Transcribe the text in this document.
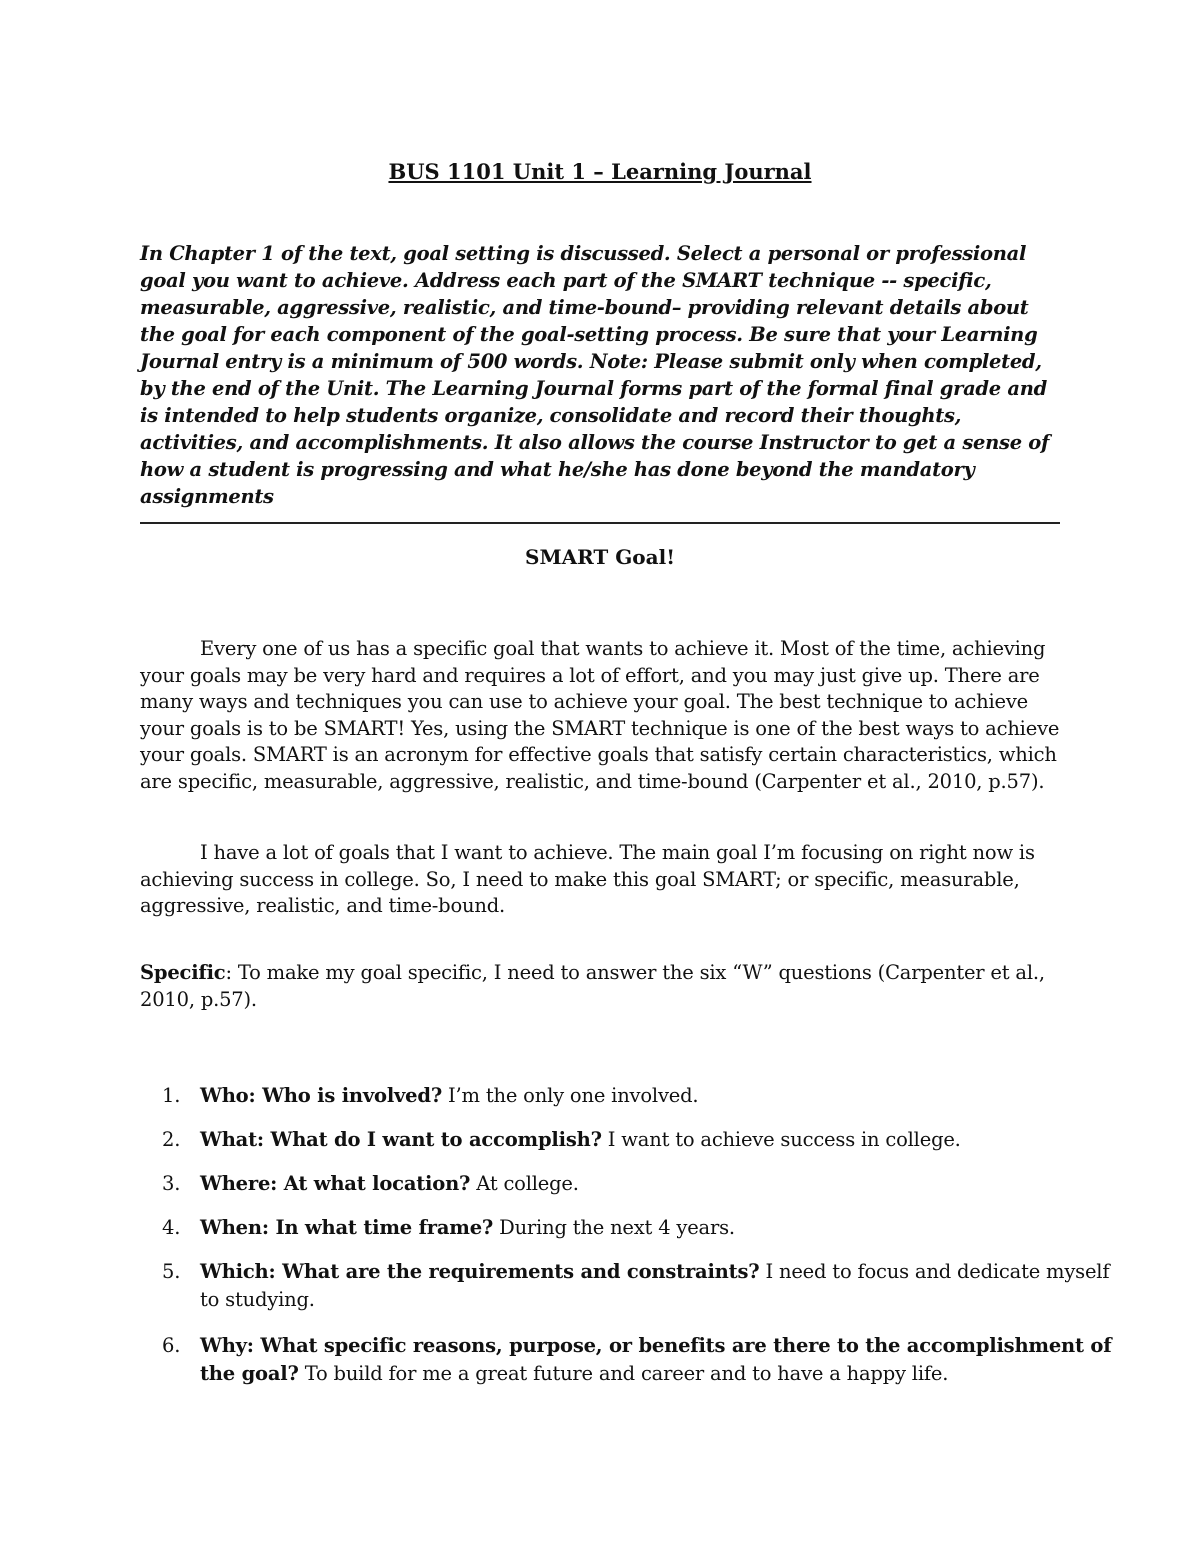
BUS 1101 Unit 1 – Learning Journal
In Chapter 1 of the text, goal setting is discussed. Select a personal or professional goal you want to achieve. Address each part of the SMART technique -- specific, measurable, aggressive, realistic, and time-bound– providing relevant details about the goal for each component of the goal-setting process. Be sure that your Learning Journal entry is a minimum of 500 words. Note: Please submit only when completed, by the end of the Unit. The Learning Journal forms part of the formal final grade and is intended to help students organize, consolidate and record their thoughts, activities, and accomplishments. It also allows the course Instructor to get a sense of how a student is progressing and what he/she has done beyond the mandatory assignments
SMART Goal!
Every one of us has a specific goal that wants to achieve it. Most of the time, achieving your goals may be very hard and requires a lot of effort, and you may just give up. There are many ways and techniques you can use to achieve your goal. The best technique to achieve your goals is to be SMART! Yes, using the SMART technique is one of the best ways to achieve your goals. SMART is an acronym for effective goals that satisfy certain characteristics, which are specific, measurable, aggressive, realistic, and time-bound (Carpenter et al., 2010, p.57).
I have a lot of goals that I want to achieve. The main goal I’m focusing on right now is achieving success in college. So, I need to make this goal SMART; or specific, measurable, aggressive, realistic, and time-bound.
Specific: To make my goal specific, I need to answer the six “W” questions (Carpenter et al., 2010, p.57).
1. Who: Who is involved? I’m the only one involved.
2. What: What do I want to accomplish? I want to achieve success in college.
3. Where: At what location? At college.
4. When: In what time frame? During the next 4 years.
5. Which: What are the requirements and constraints? I need to focus and dedicate myself to studying.
6. Why: What specific reasons, purpose, or benefits are there to the accomplishment of the goal? To build for me a great future and career and to have a happy life.
